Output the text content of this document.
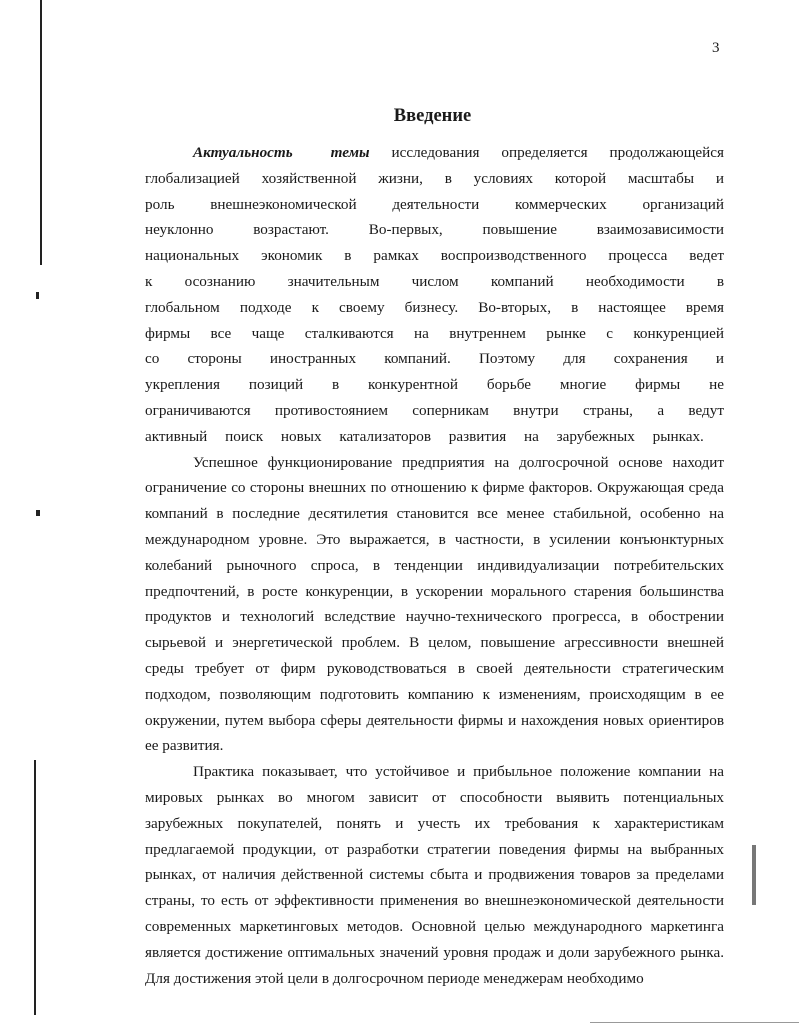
3
Введение

Актуальность темы исследования определяется продолжающейся глобализацией хозяйственной жизни, в условиях которой масштабы и роль внешнеэкономической деятельности коммерческих организаций неуклонно возрастают. Во-первых, повышение взаимозависимости национальных экономик в рамках воспроизводственного процесса ведет к осознанию значительным числом компаний необходимости в глобальном подходе к своему бизнесу. Во-вторых, в настоящее время фирмы все чаще сталкиваются на внутреннем рынке с конкуренцией со стороны иностранных компаний. Поэтому для сохранения и укрепления позиций в конкурентной борьбе многие фирмы не ограничиваются противостоянием соперникам внутри страны, а ведут активный поиск новых катализаторов развития на зарубежных рынках.

Успешное функционирование предприятия на долгосрочной основе находит ограничение со стороны внешних по отношению к фирме факторов. Окружающая среда компаний в последние десятилетия становится все менее стабильной, особенно на международном уровне. Это выражается, в частности, в усилении конъюнктурных колебаний рыночного спроса, в тенденции индивидуализации потребительских предпочтений, в росте конкуренции, в ускорении морального старения большинства продуктов и технологий вследствие научно-технического прогресса, в обострении сырьевой и энергетической проблем. В целом, повышение агрессивности внешней среды требует от фирм руководствоваться в своей деятельности стратегическим подходом, позволяющим подготовить компанию к изменениям, происходящим в ее окружении, путем выбора сферы деятельности фирмы и нахождения новых ориентиров ее развития.

Практика показывает, что устойчивое и прибыльное положение компании на мировых рынках во многом зависит от способности выявить потенциальных зарубежных покупателей, понять и учесть их требования к характеристикам предлагаемой продукции, от разработки стратегии поведения фирмы на выбранных рынках, от наличия действенной системы сбыта и продвижения товаров за пределами страны, то есть от эффективности применения во внешнеэкономической деятельности современных маркетинговых методов. Основной целью международного маркетинга является достижение оптимальных значений уровня продаж и доли зарубежного рынка. Для достижения этой цели в долгосрочном периоде менеджерам необходимо
